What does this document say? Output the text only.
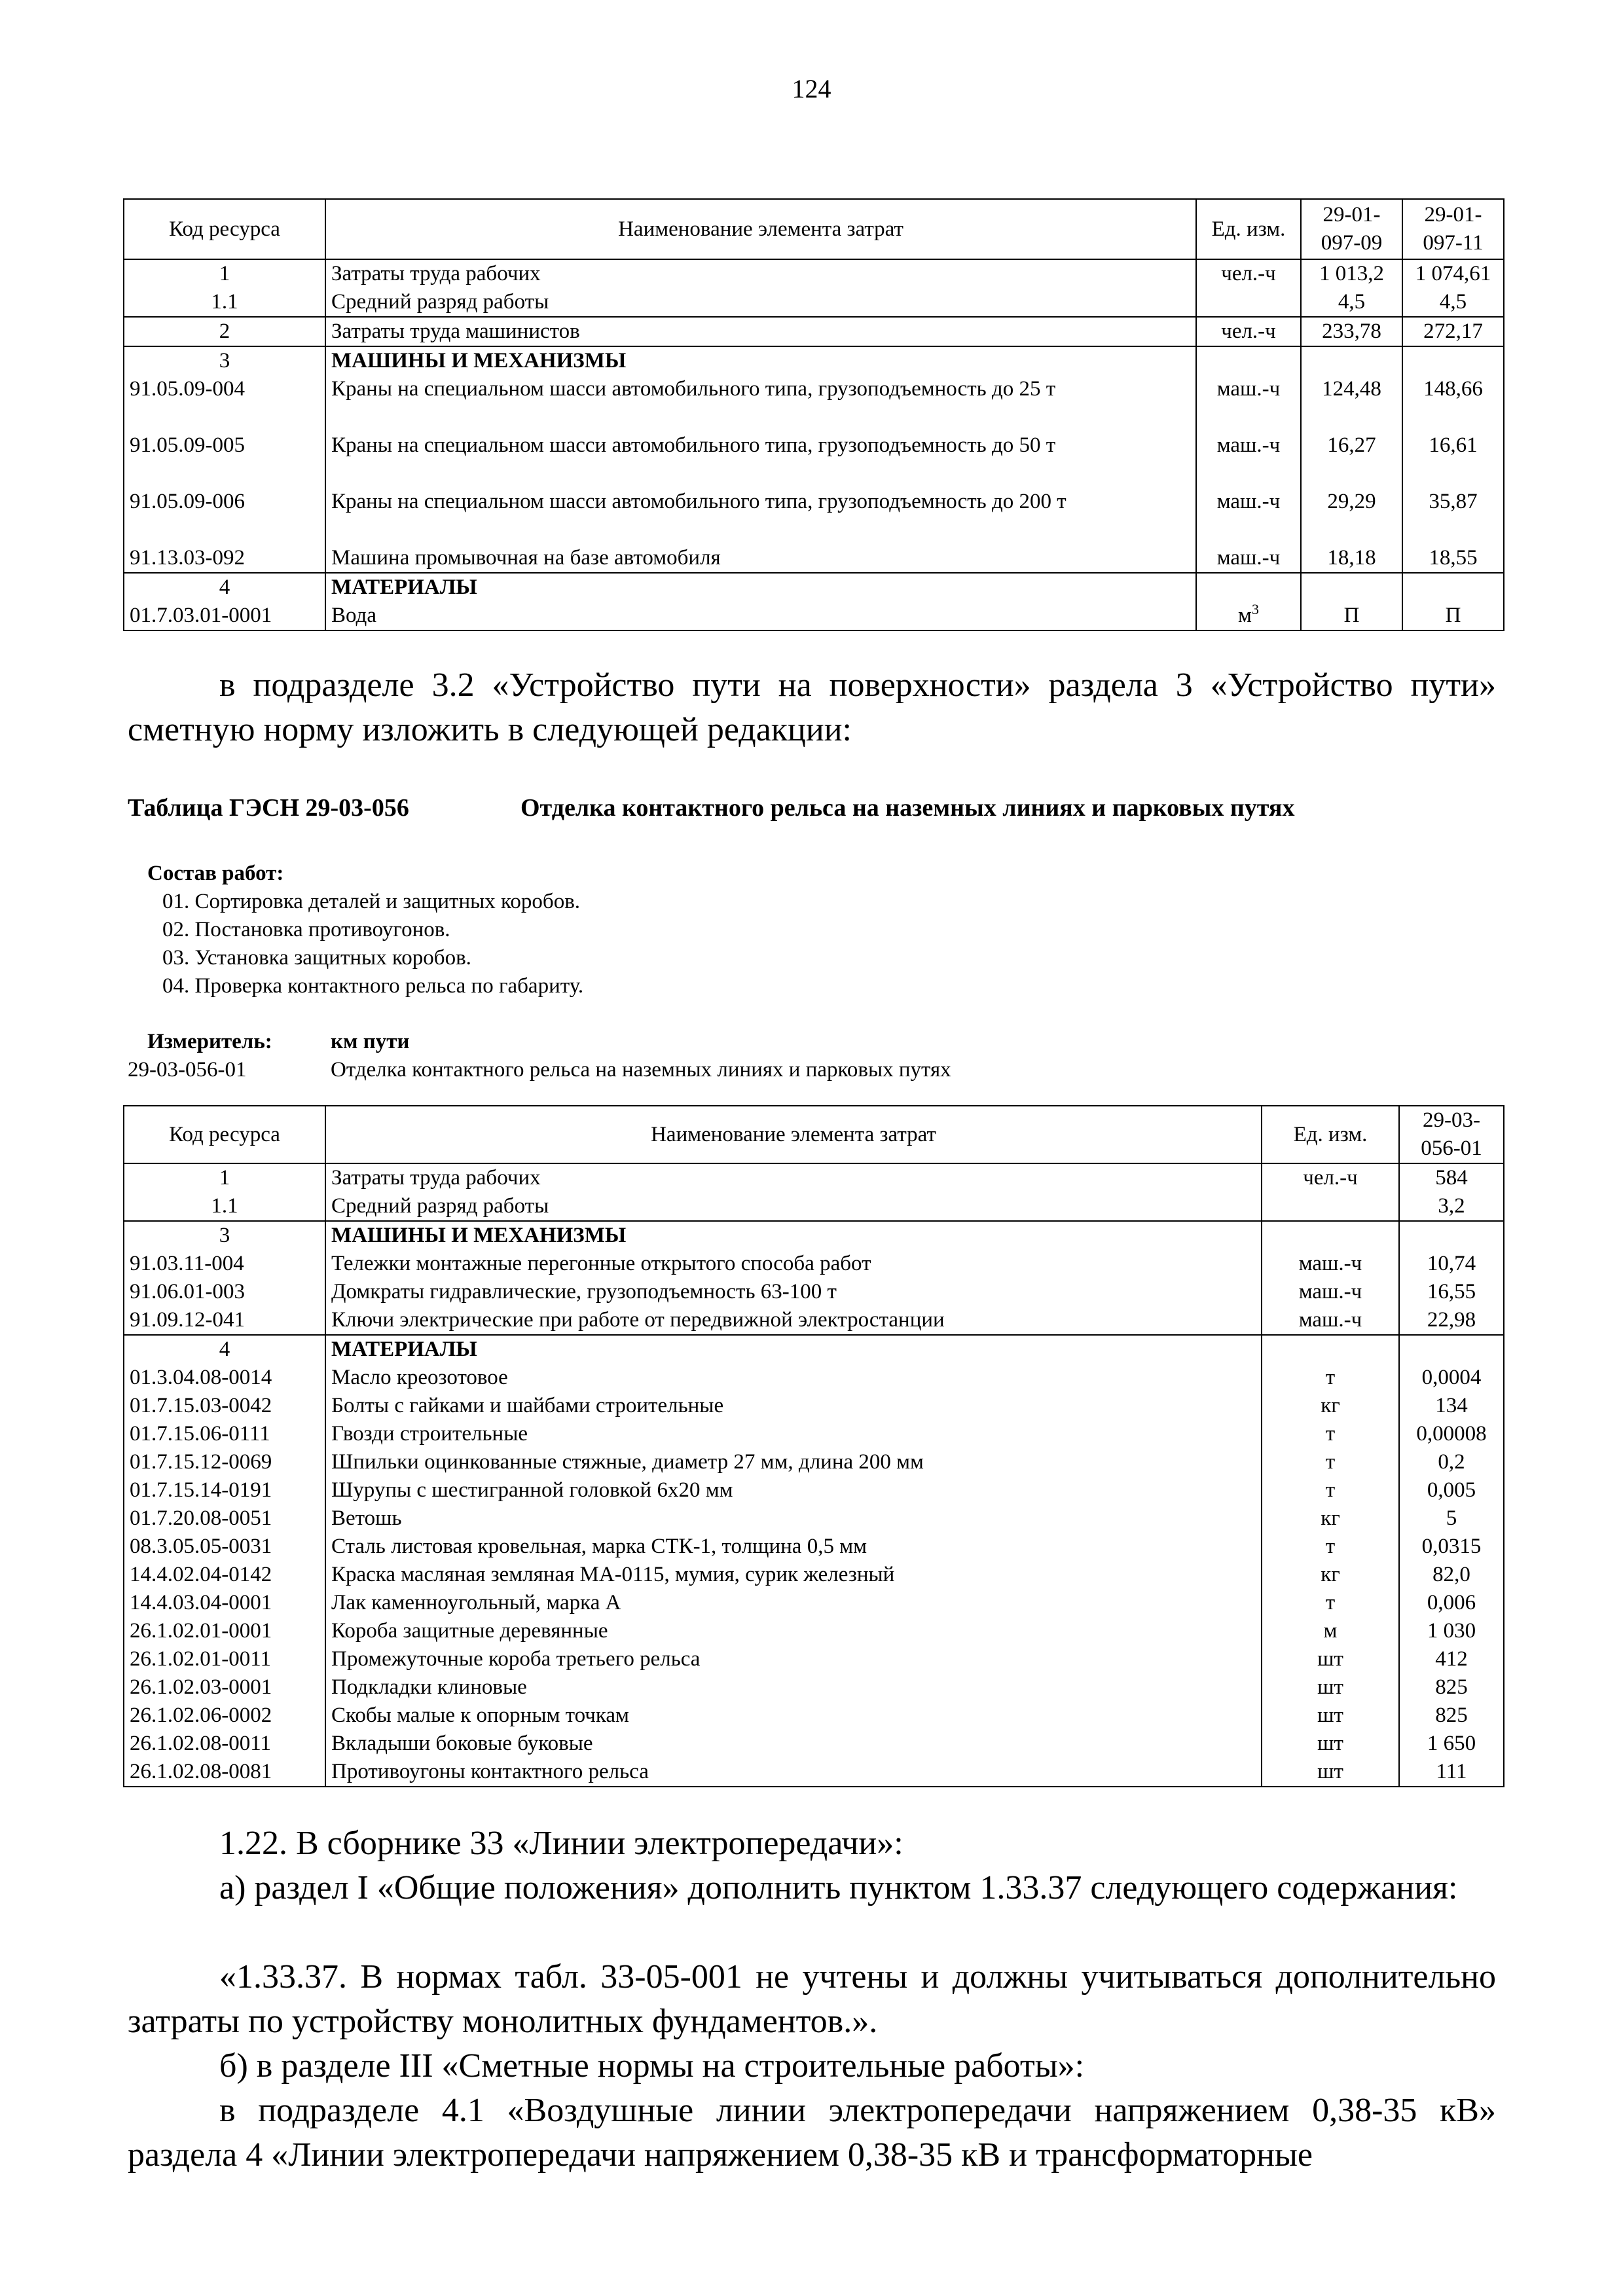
124
Код ресурса	Наименование элемента затрат	Ед. изм.	29-01-097-09	29-01-097-11
1	Затраты труда рабочих	чел.-ч	1 013,2	1 074,61
1.1	Средний разряд работы		4,5	4,5
2	Затраты труда машинистов	чел.-ч	233,78	272,17
3	МАШИНЫ И МЕХАНИЗМЫ			
91.05.09-004	Краны на специальном шасси автомобильного типа, грузоподъемность до 25 т	маш.-ч	124,48	148,66
91.05.09-005	Краны на специальном шасси автомобильного типа, грузоподъемность до 50 т	маш.-ч	16,27	16,61
91.05.09-006	Краны на специальном шасси автомобильного типа, грузоподъемность до 200 т	маш.-ч	29,29	35,87
91.13.03-092	Машина промывочная на базе автомобиля	маш.-ч	18,18	18,55
4	МАТЕРИАЛЫ			
01.7.03.01-0001	Вода	$м^3$	П	П
в подразделе 3.2 «Устройство пути на поверхности» раздела 3 «Устройство пути» сметную норму изложить в следующей редакции:
Таблица ГЭСН 29-03-056	Отделка контактного рельса на наземных линиях и парковых путях
Состав работ:
01. Сортировка деталей и защитных коробов.
02. Постановка противоугонов.
03. Установка защитных коробов.
04. Проверка контактного рельса по габариту.
Измеритель:	км пути
29-03-056-01	Отделка контактного рельса на наземных линиях и парковых путях
Код ресурса	Наименование элемента затрат	Ед. изм.	29-03-056-01
1	Затраты труда рабочих	чел.-ч	584
1.1	Средний разряд работы		3,2
3	МАШИНЫ И МЕХАНИЗМЫ		
91.03.11-004	Тележки монтажные перегонные открытого способа работ	маш.-ч	10,74
91.06.01-003	Домкраты гидравлические, грузоподъемность 63-100 т	маш.-ч	16,55
91.09.12-041	Ключи электрические при работе от передвижной электростанции	маш.-ч	22,98
4	МАТЕРИАЛЫ		
01.3.04.08-0014	Масло креозотовое	т	0,0004
01.7.15.03-0042	Болты с гайками и шайбами строительные	кг	134
01.7.15.06-0111	Гвозди строительные	т	0,00008
01.7.15.12-0069	Шпильки оцинкованные стяжные, диаметр 27 мм, длина 200 мм	т	0,2
01.7.15.14-0191	Шурупы с шестигранной головкой 6х20 мм	т	0,005
01.7.20.08-0051	Ветошь	кг	5
08.3.05.05-0031	Сталь листовая кровельная, марка СТК-1, толщина 0,5 мм	т	0,0315
14.4.02.04-0142	Краска масляная земляная МА-0115, мумия, сурик железный	кг	82,0
14.4.03.04-0001	Лак каменноугольный, марка А	т	0,006
26.1.02.01-0001	Короба защитные деревянные	м	1 030
26.1.02.01-0011	Промежуточные короба третьего рельса	шт	412
26.1.02.03-0001	Подкладки клиновые	шт	825
26.1.02.06-0002	Скобы малые к опорным точкам	шт	825
26.1.02.08-0011	Вкладыши боковые буковые	шт	1 650
26.1.02.08-0081	Противоугоны контактного рельса	шт	111
1.22. В сборнике 33 «Линии электропередачи»:
а) раздел I «Общие положения» дополнить пунктом 1.33.37 следующего содержания:
«1.33.37. В нормах табл. 33-05-001 не учтены и должны учитываться дополнительно затраты по устройству монолитных фундаментов.».
б) в разделе III «Сметные нормы на строительные работы»:
в подразделе 4.1 «Воздушные линии электропередачи напряжением 0,38-35 кВ» раздела 4 «Линии электропередачи напряжением 0,38-35 кВ и трансформаторные
